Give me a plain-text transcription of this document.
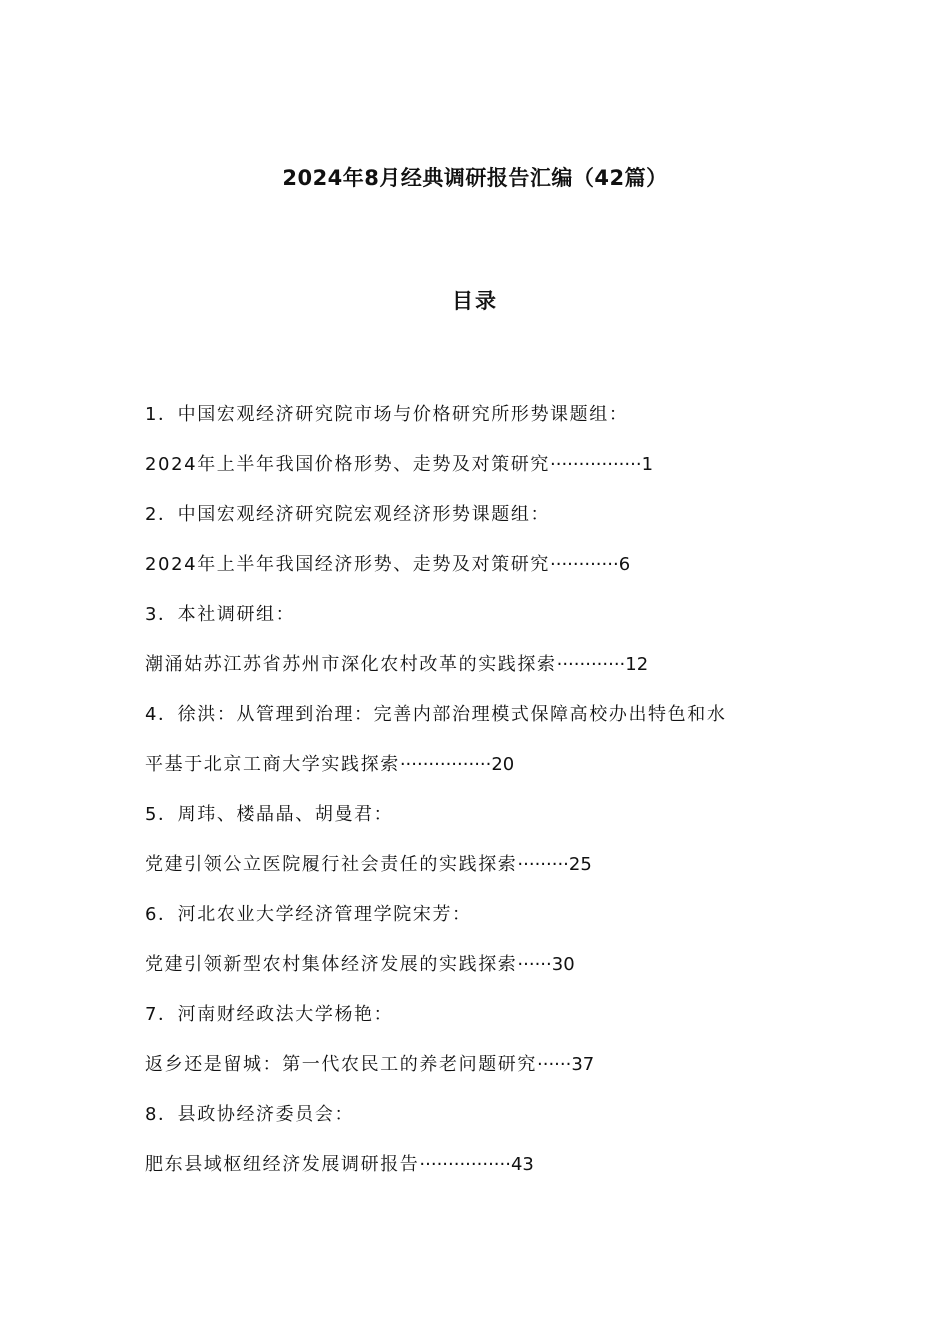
2024年8月经典调研报告汇编（42篇）
目录
1．中国宏观经济研究院市场与价格研究所形势课题组：
2024年上半年我国价格形势、走势及对策研究················1
2．中国宏观经济研究院宏观经济形势课题组：
2024年上半年我国经济形势、走势及对策研究············6
3．本社调研组：
潮涌姑苏江苏省苏州市深化农村改革的实践探索············12
4．徐洪：从管理到治理：完善内部治理模式保障高校办出特色和水
平基于北京工商大学实践探索················20
5．周玮、楼晶晶、胡曼君：
党建引领公立医院履行社会责任的实践探索·········25
6．河北农业大学经济管理学院宋芳：
党建引领新型农村集体经济发展的实践探索······30
7．河南财经政法大学杨艳：
返乡还是留城：第一代农民工的养老问题研究······37
8．县政协经济委员会：
肥东县域枢纽经济发展调研报告················43
